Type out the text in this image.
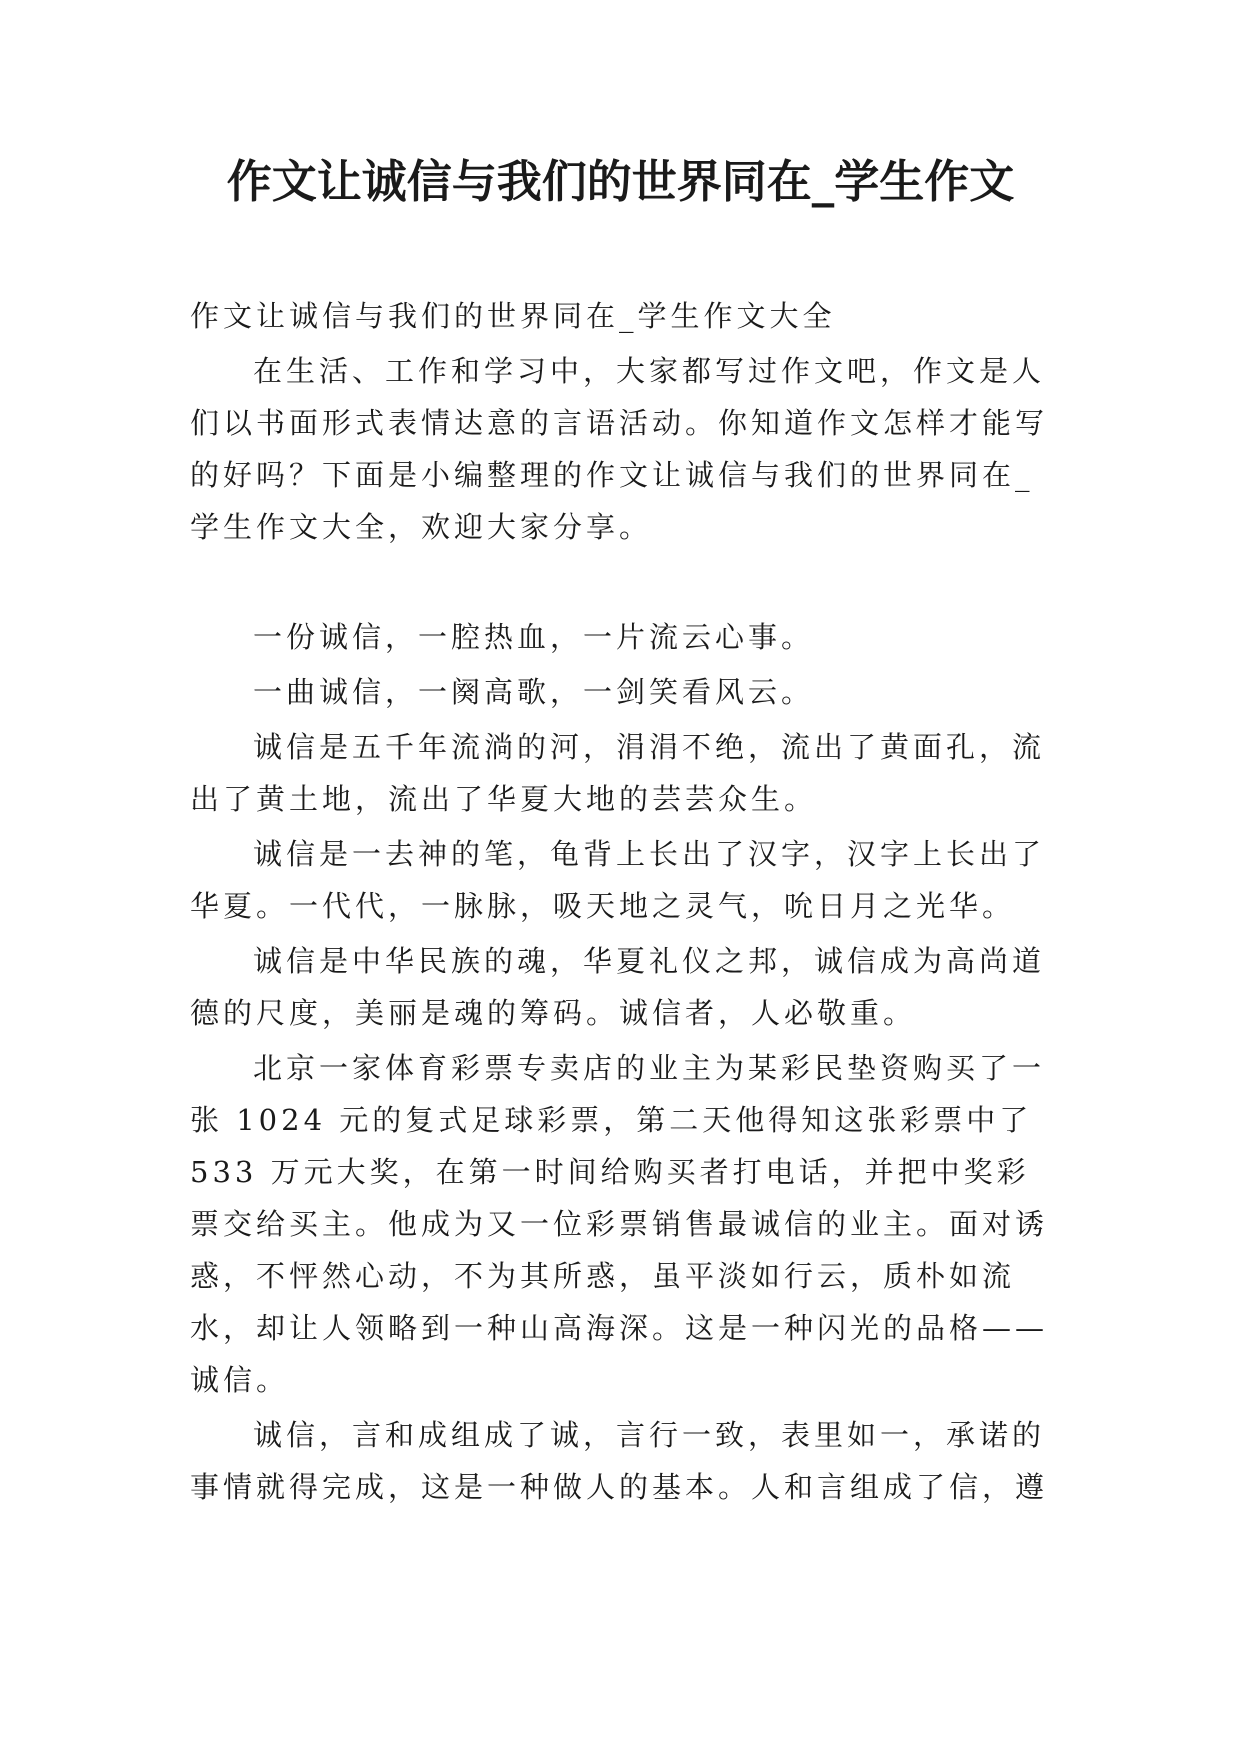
作文让诚信与我们的世界同在_学生作文

作文让诚信与我们的世界同在_学生作文大全

在生活、工作和学习中，大家都写过作文吧，作文是人们以书面形式表情达意的言语活动。你知道作文怎样才能写的好吗？下面是小编整理的作文让诚信与我们的世界同在_学生作文大全，欢迎大家分享。

一份诚信，一腔热血，一片流云心事。

一曲诚信，一阕高歌，一剑笑看风云。

诚信是五千年流淌的河，涓涓不绝，流出了黄面孔，流出了黄土地，流出了华夏大地的芸芸众生。

诚信是一去神的笔，龟背上长出了汉字，汉字上长出了华夏。一代代，一脉脉，吸天地之灵气，吮日月之光华。

诚信是中华民族的魂，华夏礼仪之邦，诚信成为高尚道德的尺度，美丽是魂的筹码。诚信者，人必敬重。

北京一家体育彩票专卖店的业主为某彩民垫资购买了一张 1024 元的复式足球彩票，第二天他得知这张彩票中了 533 万元大奖，在第一时间给购买者打电话，并把中奖彩票交给买主。他成为又一位彩票销售最诚信的业主。面对诱惑，不怦然心动，不为其所惑，虽平淡如行云，质朴如流水，却让人领略到一种山高海深。这是一种闪光的品格——诚信。

诚信，言和成组成了诚，言行一致，表里如一，承诺的事情就得完成，这是一种做人的基本。人和言组成了信，遵
